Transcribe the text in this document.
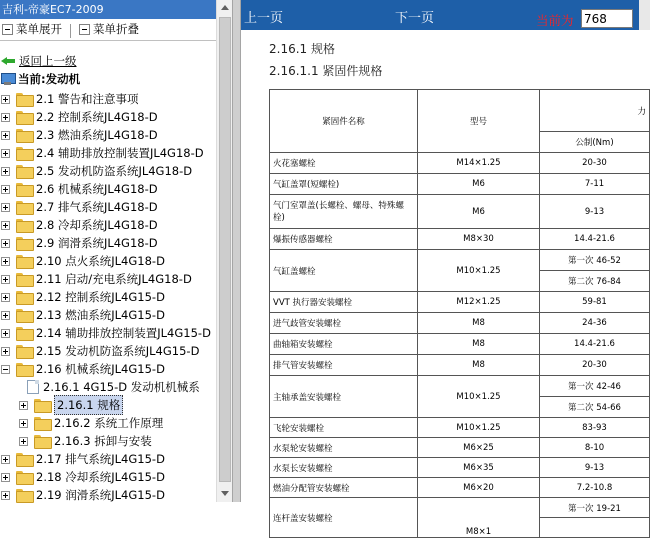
吉利-帝豪EC7-2009
菜单展开	菜单折叠
返回上一级
当前:发动机
2.1 警告和注意事项
2.2 控制系统JL4G18-D
2.3 燃油系统JL4G18-D
2.4 辅助排放控制装置JL4G18-D
2.5 发动机防盗系统JL4G18-D
2.6 机械系统JL4G18-D
2.7 排气系统JL4G18-D
2.8 冷却系统JL4G18-D
2.9 润滑系统JL4G18-D
2.10 点火系统JL4G18-D
2.11 启动/充电系统JL4G18-D
2.12 控制系统JL4G15-D
2.13 燃油系统JL4G15-D
2.14 辅助排放控制装置JL4G15-D
2.15 发动机防盗系统JL4G15-D
2.16 机械系统JL4G15-D
2.16.1 4G15-D 发动机机械系
2.16.1 规格
2.16.2 系统工作原理
2.16.3 拆卸与安装
2.17 排气系统JL4G15-D
2.18 冷却系统JL4G15-D
2.19 润滑系统JL4G15-D
上一页	下一页	当前为
768
2.16.1 规格
2.16.1.1 紧固件规格
紧固件名称	型号	力
		公制(Nm)
火花塞螺栓	M14×1.25	20-30
气缸盖罩(短螺栓)	M6	7-11
气门室罩盖(长螺栓、螺母、特殊螺栓)	M6	9-13
爆振传感器螺栓	M8×30	14.4-21.6
气缸盖螺栓	M10×1.25	第一次 46-52
		第二次 76-84
VVT 执行器安装螺栓	M12×1.25	59-81
进气歧管安装螺栓	M8	24-36
曲轴箱安装螺栓	M8	14.4-21.6
排气管安装螺栓	M8	20-30
主轴承盖安装螺栓	M10×1.25	第一次 42-46
		第二次 54-66
飞轮安装螺栓	M10×1.25	83-93
水泵轮安装螺栓	M6×25	8-10
水泵长安装螺栓	M6×35	9-13
燃油分配管安装螺栓	M6×20	7.2-10.8
连杆盖安装螺栓	M8×1	第一次 19-21
